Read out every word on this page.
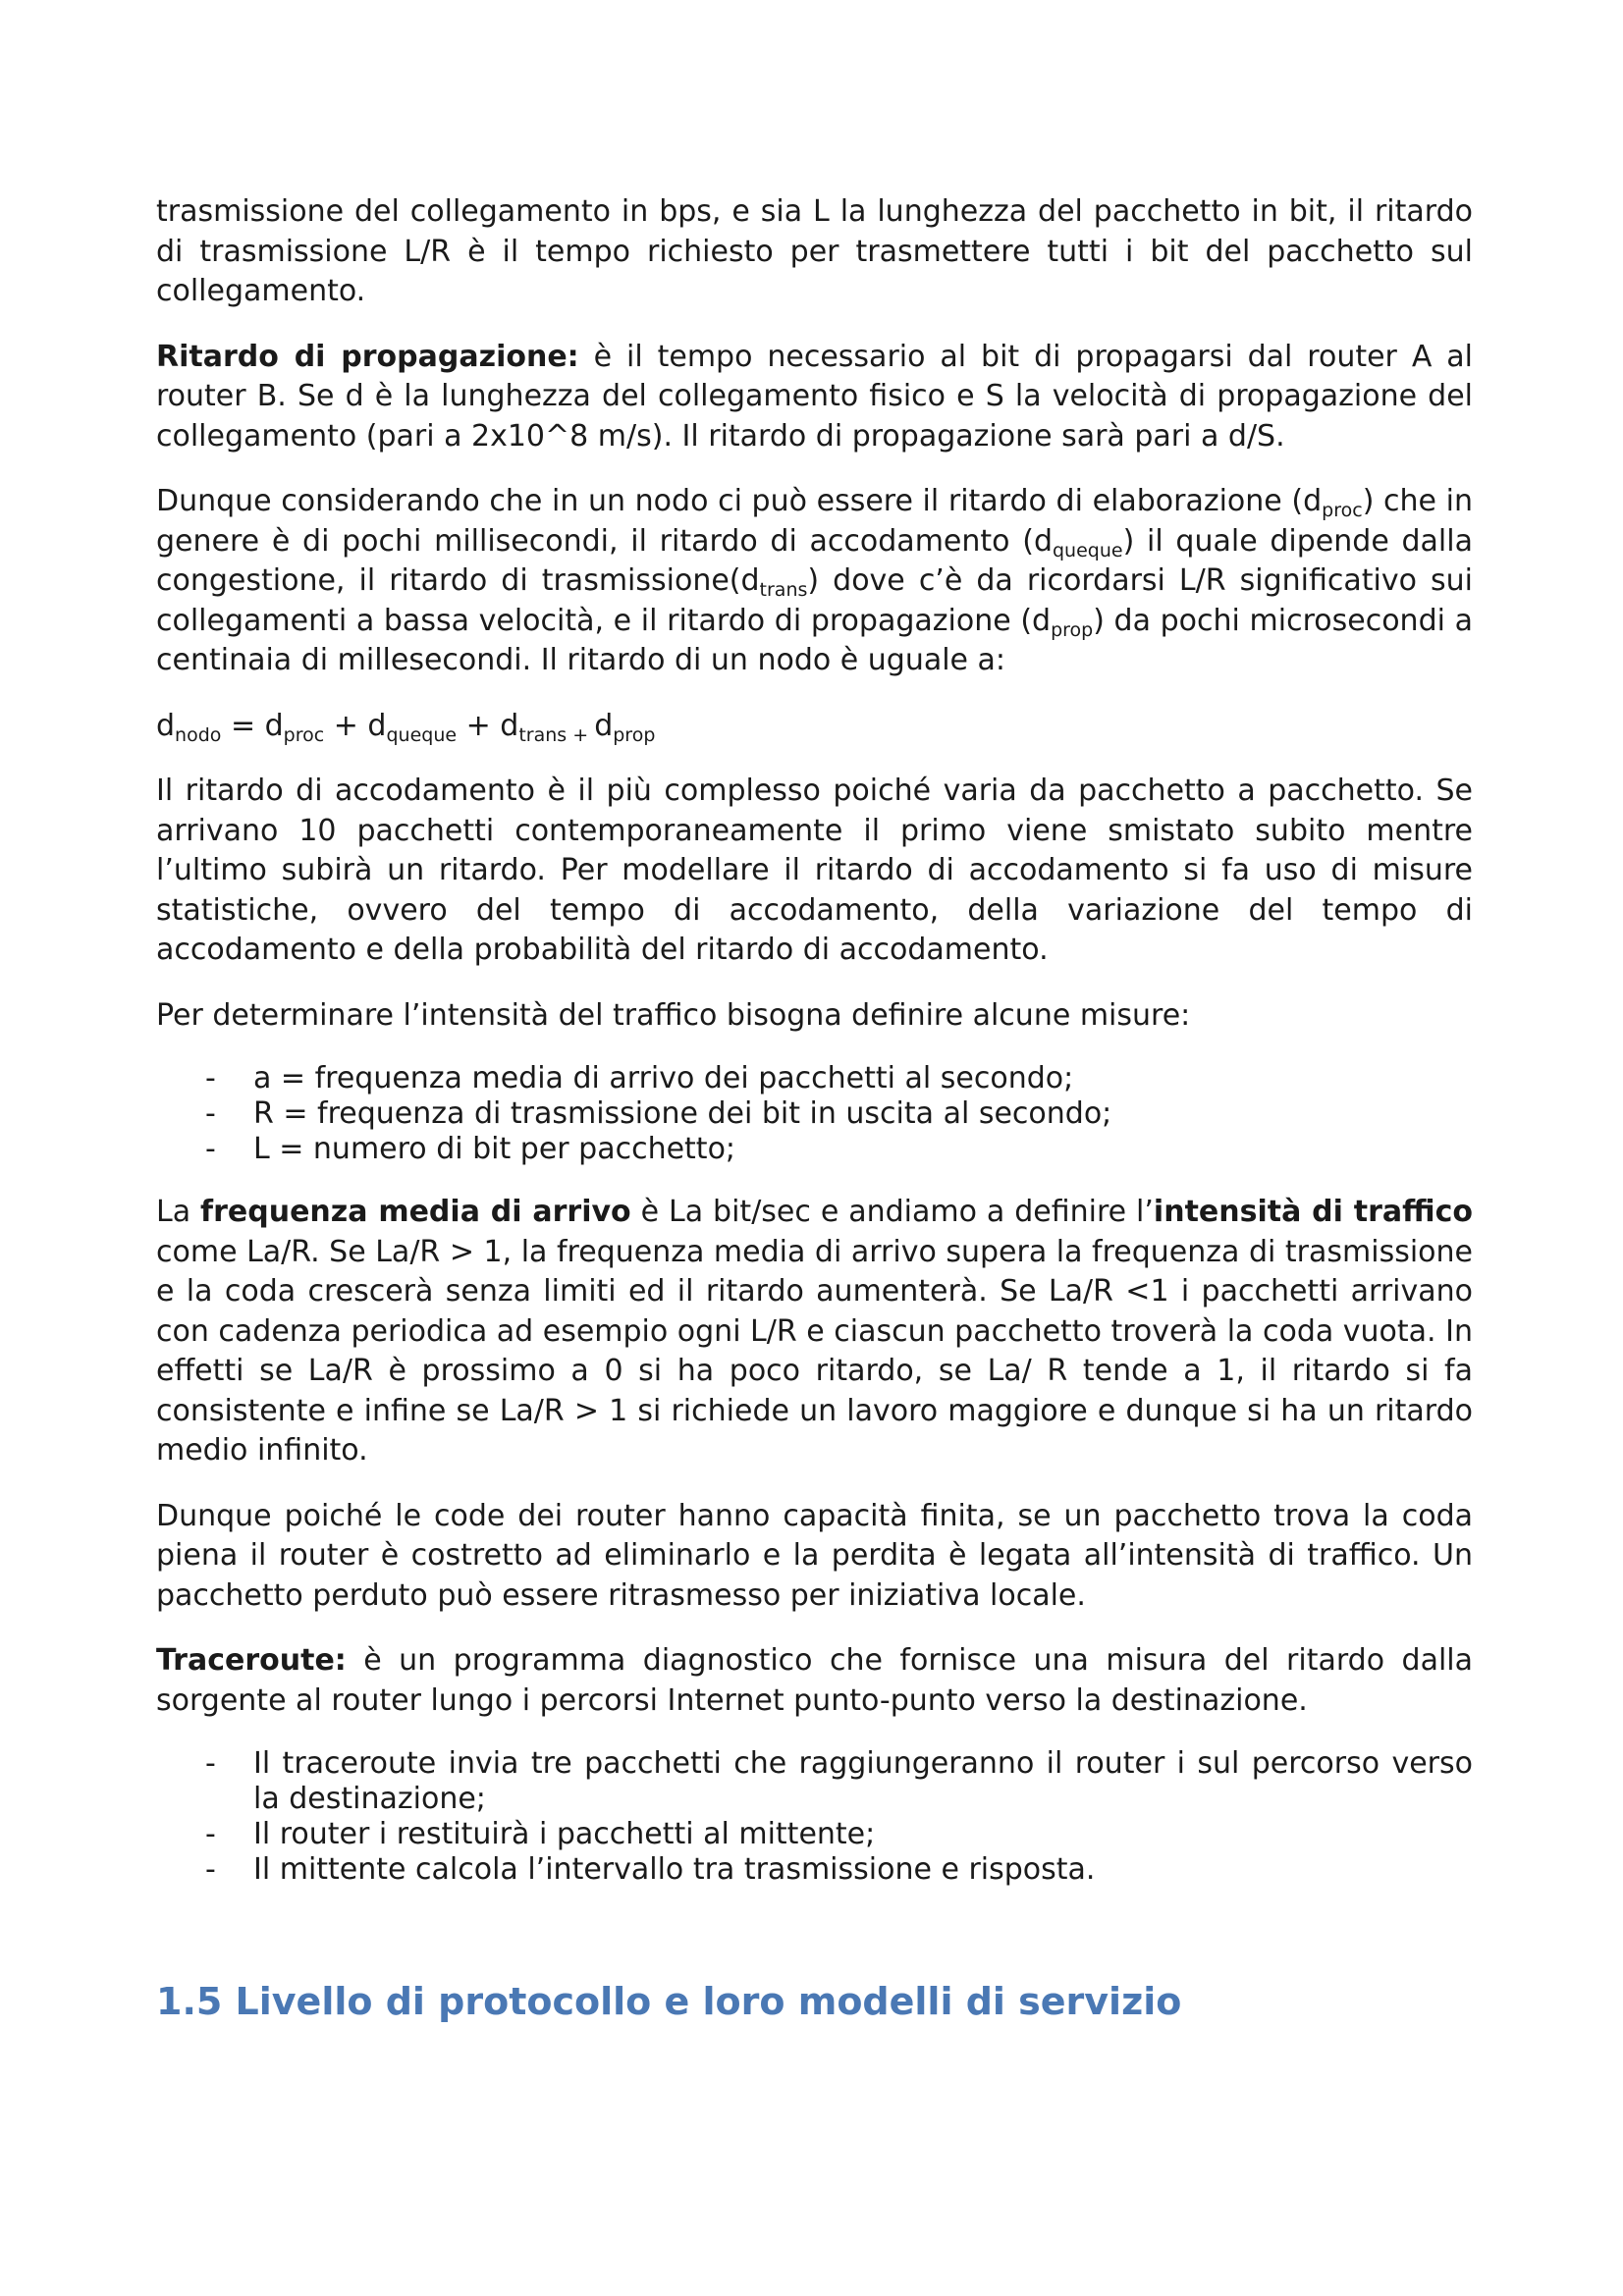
trasmissione del collegamento in bps, e sia L la lunghezza del pacchetto in bit, il ritardo di trasmissione L/R è il tempo richiesto per trasmettere tutti i bit del pacchetto sul collegamento.

Ritardo di propagazione: è il tempo necessario al bit di propagarsi dal router A al router B. Se d è la lunghezza del collegamento fisico e S la velocità di propagazione del collegamento (pari a 2x10^8 m/s). Il ritardo di propagazione sarà pari a d/S.

Dunque considerando che in un nodo ci può essere il ritardo di elaborazione $(d_{proc})$ che in genere è di pochi millisecondi, il ritardo di accodamento $(d_{queque})$ il quale dipende dalla congestione, il ritardo di $trasmissione(d_{trans})$ dove c’è da ricordarsi L/R significativo sui collegamenti a bassa velocità, e il ritardo di propagazione $(d_{prop})$ da pochi microsecondi a centinaia di millesecondi. Il ritardo di un nodo è uguale a:

$d_{nodo} = d_{proc} + d_{queque} + d_{trans +}$ $d_{prop}$

Il ritardo di accodamento è il più complesso poiché varia da pacchetto a pacchetto. Se arrivano 10 pacchetti contemporaneamente il primo viene smistato subito mentre l’ultimo subirà un ritardo. Per modellare il ritardo di accodamento si fa uso di misure statistiche, ovvero del tempo di accodamento, della variazione del tempo di accodamento e della probabilità del ritardo di accodamento.

Per determinare l’intensità del traffico bisogna definire alcune misure:

- a = frequenza media di arrivo dei pacchetti al secondo;
- R = frequenza di trasmissione dei bit in uscita al secondo;
- L = numero di bit per pacchetto;

La frequenza media di arrivo è La bit/sec e andiamo a definire l’intensità di traffico come La/R. Se La/R > 1, la frequenza media di arrivo supera la frequenza di trasmissione e la coda crescerà senza limiti ed il ritardo aumenterà. Se La/R <1 i pacchetti arrivano con cadenza periodica ad esempio ogni L/R e ciascun pacchetto troverà la coda vuota. In effetti se La/R è prossimo a 0 si ha poco ritardo, se La/ R tende a 1, il ritardo si fa consistente e infine se La/R > 1 si richiede un lavoro maggiore e dunque si ha un ritardo medio infinito.

Dunque poiché le code dei router hanno capacità finita, se un pacchetto trova la coda piena il router è costretto ad eliminarlo e la perdita è legata all’intensità di traffico. Un pacchetto perduto può essere ritrasmesso per iniziativa locale.

Traceroute: è un programma diagnostico che fornisce una misura del ritardo dalla sorgente al router lungo i percorsi Internet punto-punto verso la destinazione.

- Il traceroute invia tre pacchetti che raggiungeranno il router i sul percorso verso la destinazione;
- Il router i restituirà i pacchetti al mittente;
- Il mittente calcola l’intervallo tra trasmissione e risposta.
1.5 Livello di protocollo e loro modelli di servizio
